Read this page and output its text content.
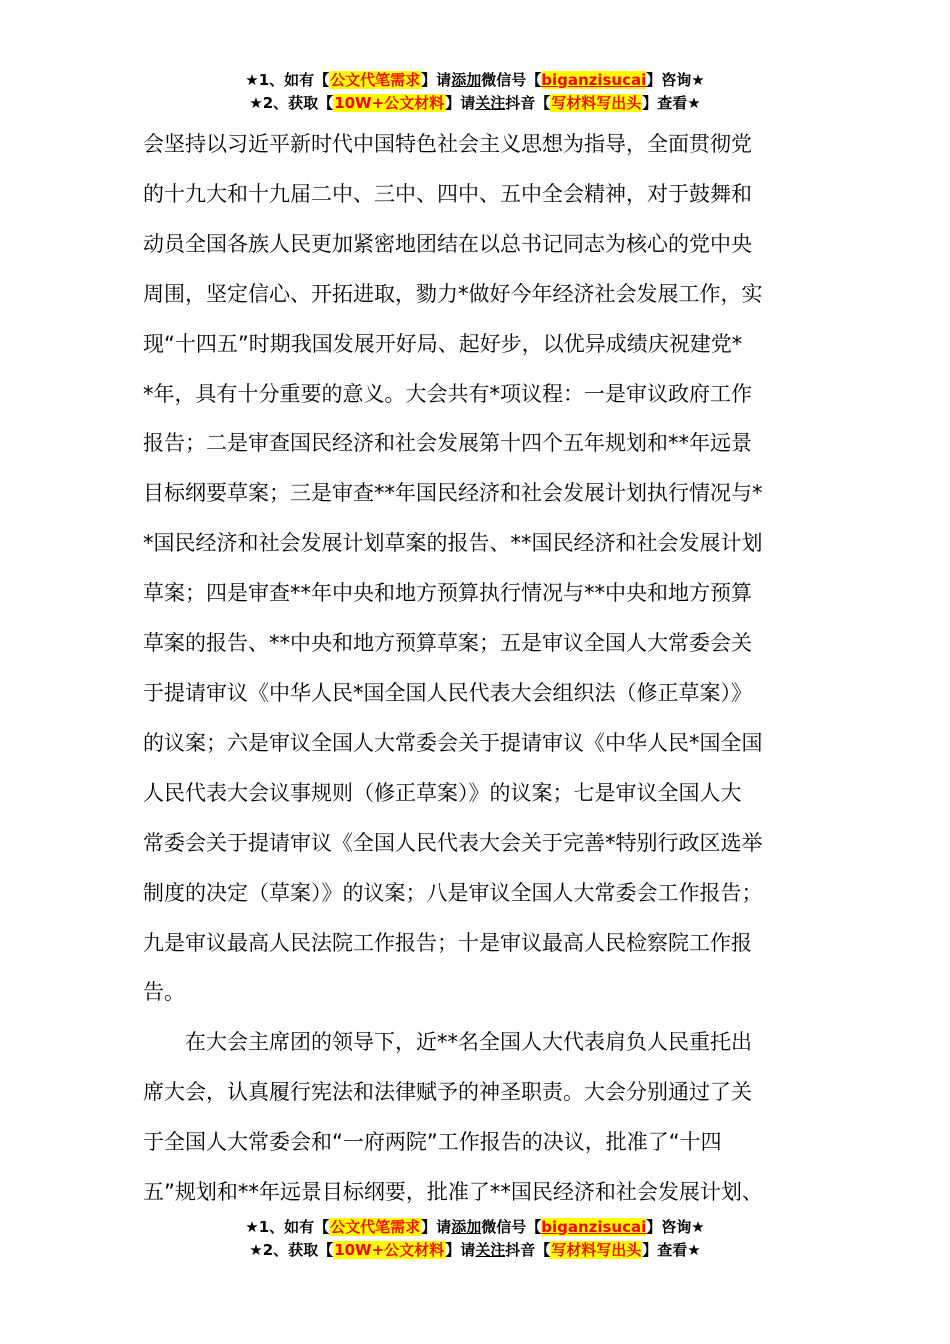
★1、如有【公文代笔需求】请添加微信号【biganzisucai】咨询★
★2、获取【10W+公文材料】请关注抖音【写材料写出头】查看★
会坚持以习近平新时代中国特色社会主义思想为指导，全面贯彻党
的十九大和十九届二中、三中、四中、五中全会精神，对于鼓舞和
动员全国各族人民更加紧密地团结在以总书记同志为核心的党中央
周围，坚定信心、开拓进取，勠力*做好今年经济社会发展工作，实
现“十四五”时期我国发展开好局、起好步，以优异成绩庆祝建党*
*年，具有十分重要的意义。大会共有*项议程：一是审议政府工作
报告；二是审查国民经济和社会发展第十四个五年规划和**年远景
目标纲要草案；三是审查**年国民经济和社会发展计划执行情况与*
*国民经济和社会发展计划草案的报告、**国民经济和社会发展计划
草案；四是审查**年中央和地方预算执行情况与**中央和地方预算
草案的报告、**中央和地方预算草案；五是审议全国人大常委会关
于提请审议《中华人民*国全国人民代表大会组织法（修正草案）》
的议案；六是审议全国人大常委会关于提请审议《中华人民*国全国
人民代表大会议事规则（修正草案）》的议案；七是审议全国人大
常委会关于提请审议《全国人民代表大会关于完善*特别行政区选举
制度的决定（草案）》的议案；八是审议全国人大常委会工作报告；
九是审议最高人民法院工作报告；十是审议最高人民检察院工作报
告。
　　在大会主席团的领导下，近**名全国人大代表肩负人民重托出
席大会，认真履行宪法和法律赋予的神圣职责。大会分别通过了关
于全国人大常委会和“一府两院”工作报告的决议，批准了“十四
五”规划和**年远景目标纲要，批准了**国民经济和社会发展计划、
★1、如有【公文代笔需求】请添加微信号【biganzisucai】咨询★
★2、获取【10W+公文材料】请关注抖音【写材料写出头】查看★
